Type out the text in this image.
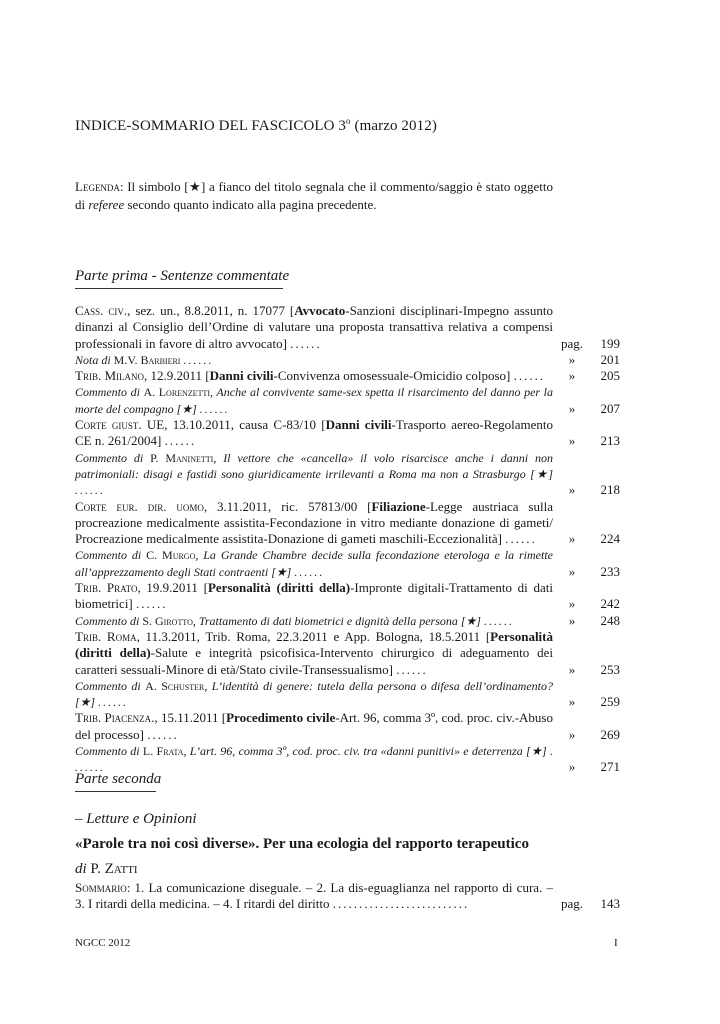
INDICE-SOMMARIO DEL FASCICOLO 3$^o$ (marzo 2012)
Legenda: Il simbolo [★] a fianco del titolo segnala che il commento/saggio è stato oggetto di referee secondo quanto indicato alla pagina precedente.
Parte prima - Sentenze commentate
Cass. civ., sez. un., 8.8.2011, n. 17077 [Avvocato-Sanzioni disciplinari-Impegno assunto dinanzi al Consiglio dell’Ordine di valutare una proposta transattiva relativa a compensi professionali in favore di altro avvocato] ......	pag. 199
Nota di M.V. Barbieri ......	»	201
Trib. Milano, 12.9.2011 [Danni civili-Convivenza omosessuale-Omicidio colposo] ......	»	205
Commento di A. Lorenzetti, Anche al convivente same-sex spetta il risarcimento del danno per la morte del compagno [★] ......	»	207
Corte giust. UE, 13.10.2011, causa C-83/10 [Danni civili-Trasporto aereo-Regolamento CE n. 261/2004] ......	»	213
Commento di P. Maninetti, Il vettore che «cancella» il volo risarcisce anche i danni non patrimoniali: disagi e fastidi sono giuridicamente irrilevanti a Roma ma non a Strasburgo [★] ......	»	218
Corte eur. dir. uomo, 3.11.2011, ric. 57813/00 [Filiazione-Legge austriaca sulla procreazione medicalmente assistita-Fecondazione in vitro mediante donazione di gameti/ Procreazione medicalmente assistita-Donazione di gameti maschili-Eccezionalità] ......	»	224
Commento di C. Murgo, La Grande Chambre decide sulla fecondazione eterologa e la rimette all’apprezzamento degli Stati contraenti [★] ......	»	233
Trib. Prato, 19.9.2011 [Personalità (diritti della)-Impronte digitali-Trattamento di dati biometrici] ......	»	242
Commento di S. Girotto, Trattamento di dati biometrici e dignità della persona [★] ......	»	248
Trib. Roma, 11.3.2011, Trib. Roma, 22.3.2011 e App. Bologna, 18.5.2011 [Personalità (diritti della)-Salute e integrità psicofisica-Intervento chirurgico di adeguamento dei caratteri sessuali-Minore di età/Stato civile-Transessualismo] ......	»	253
Commento di A. Schuster, L’identità di genere: tutela della persona o difesa dell’ordinamento? [★] ......	»	259
Trib. Piacenza., 15.11.2011 [Procedimento civile-Art. 96, comma 3º, cod. proc. civ.-Abuso del processo] ......	»	269
Commento di L. Frata, L’art. 96, comma 3º, cod. proc. civ. tra «danni punitivi» e deterrenza [★] . ......	»	271
Parte seconda
– Letture e Opinioni
«Parole tra noi così diverse». Per una ecologia del rapporto terapeutico
di P. Zatti
Sommario: 1. La comunicazione diseguale. – 2. La dis-eguaglianza nel rapporto di cura. – 3. I ritardi della medicina. – 4. I ritardi del diritto ..........................	pag. 143
NGCC 2012	I
